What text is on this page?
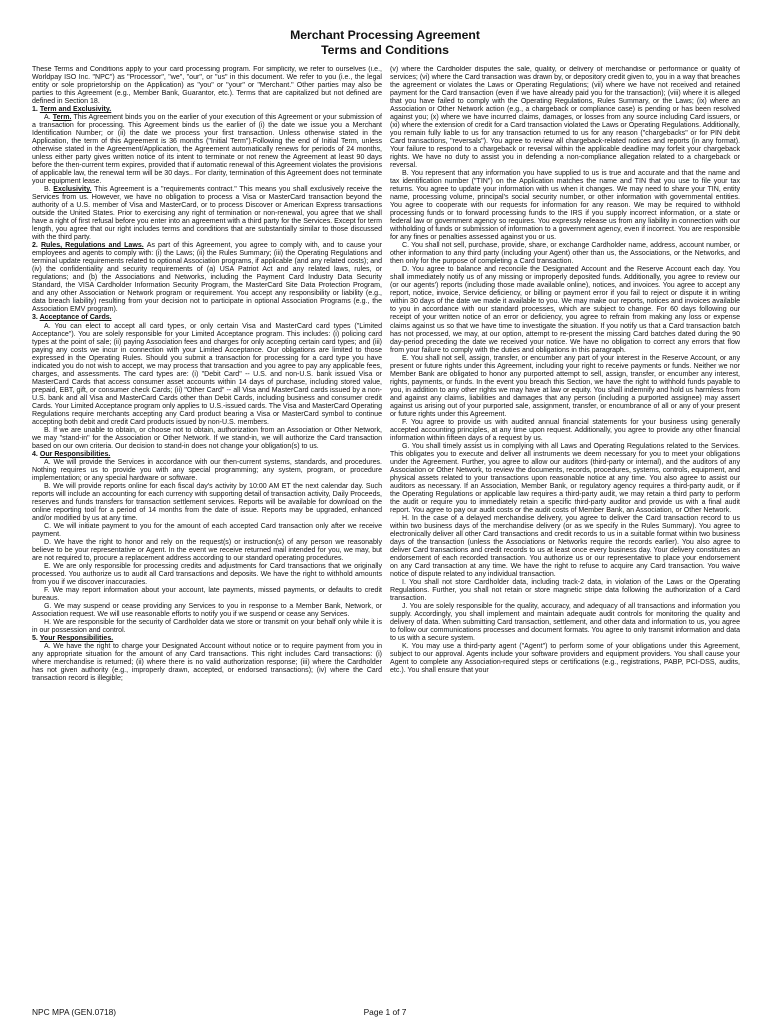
Merchant Processing Agreement
Terms and Conditions

These Terms and Conditions apply to your card processing program. For simplicity, we refer to ourselves (i.e., Worldpay ISO Inc. "NPC") as "Processor", "we", "our", or "us" in this document. We refer to you (i.e., the legal entity or sole proprietorship on the Application) as "you" or "your" or "Merchant." Other parties may also be parties to this Agreement (e.g., Member Bank, Guarantor, etc.). Terms that are capitalized but not defined are defined in Section 18.

1. Term and Exclusivity.

A. Term. This Agreement binds you on the earlier of your execution of this Agreement or your submission of a transaction for processing. This Agreement binds us the earlier of (i) the date we issue you a Merchant Identification Number; or (ii) the date we process your first transaction. Unless otherwise stated in the Application, the term of this Agreement is 36 months ("Initial Term").Following the end of Initial Term, unless otherwise stated in the Agreement/Application, the Agreement automatically renews for periods of 24 months, unless either party gives written notice of its intent to terminate or not renew the Agreement at least 90 days before the then-current term expires, provided that if automatic renewal of this Agreement violates the provisions of applicable law, the renewal term will be 30 days.. For clarity, termination of this Agreement does not terminate your equipment lease.

B. Exclusivity. This Agreement is a "requirements contract." This means you shall exclusively receive the Services from us. However, we have no obligation to process a Visa or MasterCard transaction beyond the authority of a U.S. member of Visa and MasterCard, or to process Discover or American Express transactions outside the United States. Prior to exercising any right of termination or non-renewal, you agree that we shall have a right of first refusal before you enter into an agreement with a third party for the Services. Except for term length, you agree that our right includes terms and conditions that are substantially similar to those discussed with the third party.

2. Rules, Regulations and Laws. As part of this Agreement, you agree to comply with, and to cause your employees and agents to comply with: (i) the Laws; (ii) the Rules Summary; (iii) the Operating Regulations and terminal update requirements related to optional Association programs, if applicable (and any related costs); and (iv) the confidentiality and security requirements of (a) USA Patriot Act and any related laws, rules, or regulations; and (b) the Associations and Networks, including the Payment Card Industry Data Security Standard, the VISA Cardholder Information Security Program, the MasterCard Site Data Protection Program, and any other Association or Network program or requirement. You accept any responsibility or liability (e.g., data breach liability) resulting from your decision not to participate in optional Association Programs (e.g., the Association EMV program).

3. Acceptance of Cards.

A. You can elect to accept all card types, or only certain Visa and MasterCard card types ("Limited Acceptance"). You are solely responsible for your Limited Acceptance program. This includes: (i) policing card types at the point of sale; (ii) paying Association fees and charges for only accepting certain card types; and (iii) paying any costs we incur in connection with your Limited Acceptance. Our obligations are limited to those expressed in the Operating Rules. Should you submit a transaction for processing for a card type you have indicated you do not wish to accept, we may process that transaction and you agree to pay any applicable fees, charges, and assessments. The card types are: (i) "Debit Card" -- U.S. and non-U.S. bank issued Visa or MasterCard Cards that access consumer asset accounts within 14 days of purchase, including stored value, prepaid, EBT, gift, or consumer check Cards; (ii) "Other Card" -- all Visa and MasterCard cards issued by a non-U.S. bank and all Visa and MasterCard Cards other than Debit Cards, including business and consumer credit Cards. Your Limited Acceptance program only applies to U.S.-issued cards. The Visa and MasterCard Operating Regulations require merchants accepting any Card product bearing a Visa or MasterCard symbol to continue accepting both debit and credit Card products issued by non-U.S. members.

B. If we are unable to obtain, or choose not to obtain, authorization from an Association or Other Network, we may "stand-in" for the Association or Other Network. If we stand-in, we will authorize the Card transaction based on our own criteria. Our decision to stand-in does not change your obligation(s) to us.

4. Our Responsibilities.

A. We will provide the Services in accordance with our then-current systems, standards, and procedures. Nothing requires us to provide you with any special programming; any system, program, or procedure implementation; or any special hardware or software.

B. We will provide reports online for each fiscal day's activity by 10:00 AM ET the next calendar day. Such reports will include an accounting for each currency with supporting detail of transaction activity, Daily Proceeds, reserves and funds transfers for transaction settlement services. Reports will be available for download on the online reporting tool for a period of 14 months from the date of issue. Reports may be upgraded, enhanced and/or modified by us at any time.

C. We will initiate payment to you for the amount of each accepted Card transaction only after we receive payment.

D. We have the right to honor and rely on the request(s) or instruction(s) of any person we reasonably believe to be your representative or Agent. In the event we receive returned mail intended for you, we may, but are not required to, procure a replacement address according to our standard operating procedures.

E. We are only responsible for processing credits and adjustments for Card transactions that we originally processed. You authorize us to audit all Card transactions and deposits. We have the right to withhold amounts from you if we discover inaccuracies.

F. We may report information about your account, late payments, missed payments, or defaults to credit bureaus.

G. We may suspend or cease providing any Services to you in response to a Member Bank, Network, or Association request. We will use reasonable efforts to notify you if we suspend or cease any Services.

H. We are responsible for the security of Cardholder data we store or transmit on your behalf only while it is in our possession and control.

5. Your Responsibilities.

A. We have the right to charge your Designated Account without notice or to require payment from you in any appropriate situation for the amount of any Card transactions. This right includes Card transactions: (i) where merchandise is returned; (ii) where there is no valid authorization response; (iii) where the Cardholder has not given authority (e.g., improperly drawn, accepted, or endorsed transactions); (iv) where the Card transaction record is illegible;

(v) where the Cardholder disputes the sale, quality, or delivery of merchandise or performance or quality of services; (vi) where the Card transaction was drawn by, or depository credit given to, you in a way that breaches the agreement or violates the Laws or Operating Regulations; (vii) where we have not received and retained payment for the Card transaction (even if we have already paid you for the transaction); (viii) where it is alleged that you have failed to comply with the Operating Regulations, Rules Summary, or the Laws; (ix) where an Association or Other Network action (e.g., a chargeback or compliance case) is pending or has been resolved against you; (x) where we have incurred claims, damages, or losses from any source including Card issuers, or (xi) where the extension of credit for a Card transaction violated the Laws or Operating Regulations. Additionally, you remain fully liable to us for any transaction returned to us for any reason ("chargebacks" or for PIN debit Card transactions, "reversals"). You agree to review all chargeback-related notices and reports (in any format). Your failure to respond to a chargeback or reversal within the applicable deadline may forfeit your chargeback rights. We have no duty to assist you in defending a non-compliance allegation related to a chargeback or reversal.

B. You represent that any information you have supplied to us is true and accurate and that the name and tax identification number ("TIN") on the Application matches the name and TIN that you use to file your tax returns. You agree to update your information with us when it changes. We may need to share your TIN, entity name, processing volume, principal's social security number, or other information with governmental entities. You agree to cooperate with our requests for information for any reason. We may be required to withhold processing funds or to forward processing funds to the IRS if you supply incorrect information, or a state or federal law or government agency so requires. You expressly release us from any liability in connection with our withholding of funds or submission of information to a government agency, even if incorrect. You are responsible for any fines or penalties assessed against you or us.

C. You shall not sell, purchase, provide, share, or exchange Cardholder name, address, account number, or other information to any third party (including your Agent) other than us, the Associations, or the Networks, and then only for the purpose of completing a Card transaction.

D. You agree to balance and reconcile the Designated Account and the Reserve Account each day. You shall immediately notify us of any missing or improperly deposited funds. Additionally, you agree to review our (or our agents') reports (including those made available online), notices, and invoices. You agree to accept any report, notice, invoice, Service deficiency, or billing or payment error if you fail to reject or dispute it in writing within 30 days of the date we made it available to you. We may make our reports, notices and invoices available to you in accordance with our standard processes, which are subject to change. For 60 days following our receipt of your written notice of an error or deficiency, you agree to refrain from making any loss or expense claims against us so that we have time to investigate the situation. If you notify us that a Card transaction batch has not processed, we may, at our option, attempt to re-present the missing Card batches dated during the 90 day-period preceding the date we received your notice. We have no obligation to correct any errors that flow from your failure to comply with the duties and obligations in this paragraph.

E. You shall not sell, assign, transfer, or encumber any part of your interest in the Reserve Account, or any present or future rights under this Agreement, including your right to receive payments or funds. Neither we nor Member Bank are obligated to honor any purported attempt to sell, assign, transfer, or encumber any interest, rights, payments, or funds. In the event you breach this Section, we have the right to withhold funds payable to you, in addition to any other rights we may have at law or equity. You shall indemnify and hold us harmless from and against any claims, liabilities and damages that any person (including a purported assignee) may assert against us arising out of your purported sale, assignment, transfer, or encumbrance of all or any of your present or future rights under this Agreement.

F. You agree to provide us with audited annual financial statements for your business using generally accepted accounting principles, at any time upon request. Additionally, you agree to provide any other financial information within fifteen days of a request by us.

G. You shall timely assist us in complying with all Laws and Operating Regulations related to the Services. This obligates you to execute and deliver all instruments we deem necessary for you to meet your obligations under the Agreement. Further, you agree to allow our auditors (third-party or internal), and the auditors of any Association or Other Network, to review the documents, records, procedures, systems, controls, equipment, and physical assets related to your transactions upon reasonable notice at any time. You also agree to assist our auditors as necessary. If an Association, Member Bank, or regulatory agency requires a third-party audit, or if the Operating Regulations or applicable law requires a third-party audit, we may retain a third party to perform the audit or require you to immediately retain a specific third-party auditor and provide us with a final audit report. You agree to pay our audit costs or the audit costs of Member Bank, an Association, or Other Network.

H. In the case of a delayed merchandise delivery, you agree to deliver the Card transaction record to us within two business days of the merchandise delivery (or as we specify in the Rules Summary). You agree to electronically deliver all other Card transactions and credit records to us in a suitable format within two business days of the transaction (unless the Associations or Networks require the records earlier). You also agree to deliver Card transactions and credit records to us at least once every business day. Your delivery constitutes an endorsement of each recorded transaction. You authorize us or our representative to place your endorsement on any Card transaction at any time. We have the right to refuse to acquire any Card transaction. You waive notice of dispute related to any individual transaction.

I. You shall not store Cardholder data, including track-2 data, in violation of the Laws or the Operating Regulations. Further, you shall not retain or store magnetic stripe data following the authorization of a Card transaction.

J. You are solely responsible for the quality, accuracy, and adequacy of all transactions and information you supply. Accordingly, you shall implement and maintain adequate audit controls for monitoring the quality and delivery of data. When submitting Card transaction, settlement, and other data and information to us, you agree to follow our communications processes and document formats. You agree to only transmit information and data to us with a secure system.

K. You may use a third-party agent ("Agent") to perform some of your obligations under this Agreement, subject to our approval. Agents include your software providers and equipment providers. You shall cause your Agent to complete any Association-required steps or certifications (e.g., registrations, PABP, PCI-DSS, audits, etc.). You shall ensure that your

NPC MPA (GEN.0718)	Page 1 of 7
